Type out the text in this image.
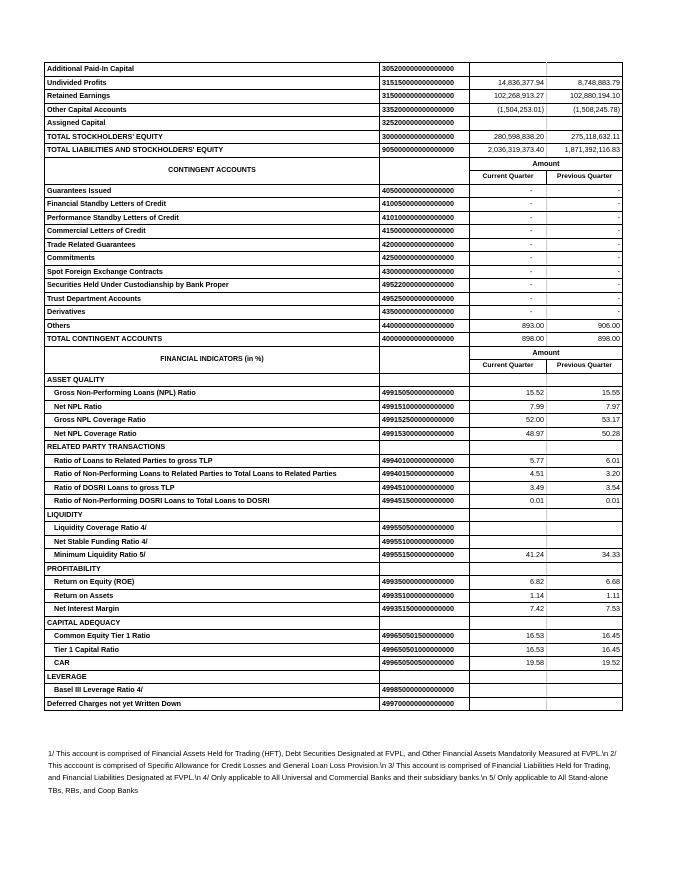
Additional Paid-In Capital	305200000000000000		
Undivided Profits	315150000000000000	14,836,377.94	8,748,883.79
Retained Earnings	315000000000000000	102,268,913.27	102,880,194.10
Other Capital Accounts	335200000000000000	(1,504,253.01)	(1,508,245.78)
Assigned Capital	325200000000000000		
TOTAL STOCKHOLDERS' EQUITY	300000000000000000	280,598,838.20	275,118,632.11
TOTAL LIABILITIES AND STOCKHOLDERS' EQUITY	905000000000000000	2,036,319,373.40	1,871,392,116.83
CONTINGENT ACCOUNTS		Amount	
		Current Quarter	Previous Quarter
Guarantees Issued	405000000000000000	-	-
Financial Standby Letters of Credit	410050000000000000	-	-
Performance Standby Letters of Credit	410100000000000000	-	-
Commercial Letters of Credit	415000000000000000	-	-
Trade Related Guarantees	420000000000000000	-	-
Commitments	425000000000000000	-	-
Spot Foreign Exchange Contracts	430000000000000000	-	-
Securities Held Under Custodianship by Bank Proper	495220000000000000	-	-
Trust Department Accounts	495250000000000000	-	-
Derivatives	435000000000000000	-	-
Others	440000000000000000	893.00	906.00
TOTAL CONTINGENT ACCOUNTS	400000000000000000	898.00	898.00
FINANCIAL INDICATORS (in %)		Amount	
		Current Quarter	Previous Quarter
ASSET QUALITY			
Gross Non-Performing Loans (NPL) Ratio	499150500000000000	15.52	15.55
Net NPL Ratio	499151000000000000	7.99	7.97
Gross NPL Coverage Ratio	499152500000000000	52.00	53.17
Net NPL Coverage Ratio	499153000000000000	48.97	50.28
RELATED PARTY TRANSACTIONS			
Ratio of Loans to Related Parties to gross TLP	499401000000000000	5.77	6.01
Ratio of Non-Performing Loans to Related Parties to Total Loans to Related Parties	499401500000000000	4.51	3.20
Ratio of DOSRI Loans to gross TLP	499451000000000000	3.49	3.54
Ratio of Non-Performing DOSRI Loans to Total Loans to DOSRI	499451500000000000	0.01	0.01
LIQUIDITY			
Liquidity Coverage Ratio 4/	499550500000000000		
Net Stable Funding Ratio 4/	499551000000000000		
Minimum Liquidity Ratio 5/	499551500000000000	41.24	34.33
PROFITABILITY			
Return on Equity (ROE)	499350000000000000	6.82	6.68
Return on Assets	499351000000000000	1.14	1.11
Net Interest Margin	499351500000000000	7.42	7.53
CAPITAL ADEQUACY			
Common Equity Tier 1 Ratio	499650501500000000	16.53	16.45
Tier 1 Capital Ratio	499650501000000000	16.53	16.45
CAR	499650500500000000	19.58	19.52
LEVERAGE			
Basel III Leverage Ratio 4/	499850000000000000		
Deferred Charges not yet Written Down	499700000000000000		
1/ This account is comprised of Financial Assets Held for Trading (HFT), Debt Securities Designated at FVPL, and Other Financial Assets Mandatorily Measured at FVPL.\n 2/ This acccount is comprised of Specific Allowance for Credit Losses and General Loan Loss Provision.\n 3/ This account is comprised of Financial Liabilities Held for Trading, and Financial Liabilities Designated at FVPL.\n 4/ Only applicable to All Universal and Commercial Banks and their subsidiary banks.\n 5/ Only applicable to All Stand-alone TBs, RBs, and Coop Banks
